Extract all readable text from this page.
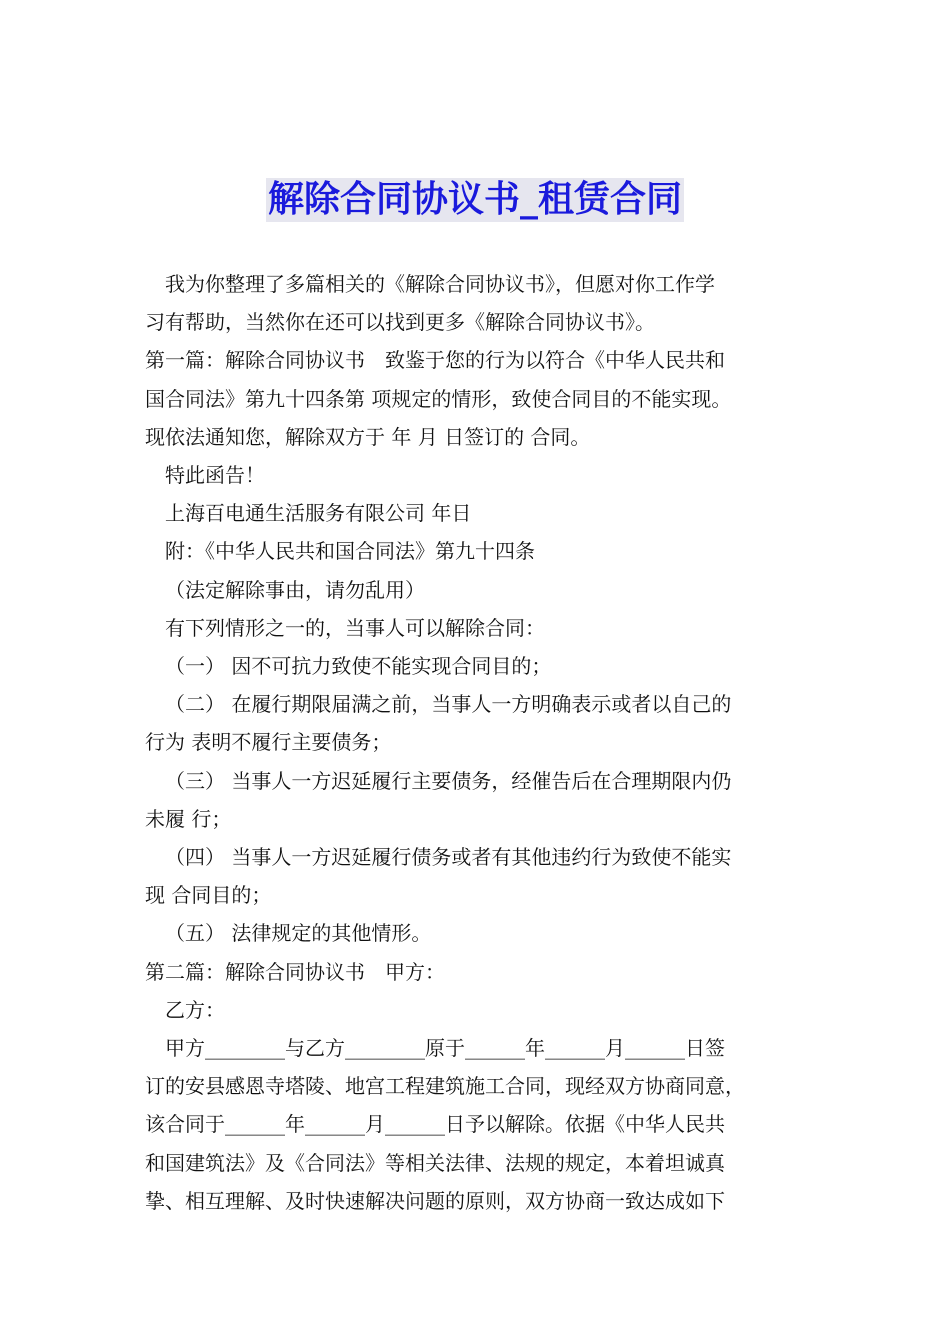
解除合同协议书_租赁合同

我为你整理了多篇相关的《解除合同协议书》，但愿对你工作学

习有帮助，当然你在还可以找到更多《解除合同协议书》。

第一篇：解除合同协议书　致鉴于您的行为以符合《中华人民共和

国合同法》第九十四条第 项规定的情形，致使合同目的不能实现。

现依法通知您，解除双方于 年 月 日签订的 合同。

特此函告！

上海百电通生活服务有限公司 年日

附：《中华人民共和国合同法》第九十四条

（法定解除事由，请勿乱用）

有下列情形之一的，当事人可以解除合同：

（一） 因不可抗力致使不能实现合同目的；

（二） 在履行期限届满之前，当事人一方明确表示或者以自己的

行为 表明不履行主要债务；

（三） 当事人一方迟延履行主要债务，经催告后在合理期限内仍

未履 行；

（四） 当事人一方迟延履行债务或者有其他违约行为致使不能实

现 合同目的；

（五） 法律规定的其他情形。

第二篇：解除合同协议书　甲方：

乙方：

甲方________与乙方________原于______年______月______日签

订的安县感恩寺塔陵、地宫工程建筑施工合同，现经双方协商同意，

该合同于______年______月______日予以解除。依据《中华人民共

和国建筑法》及《合同法》等相关法律、法规的规定，本着坦诚真

挚、相互理解、及时快速解决问题的原则，双方协商一致达成如下
